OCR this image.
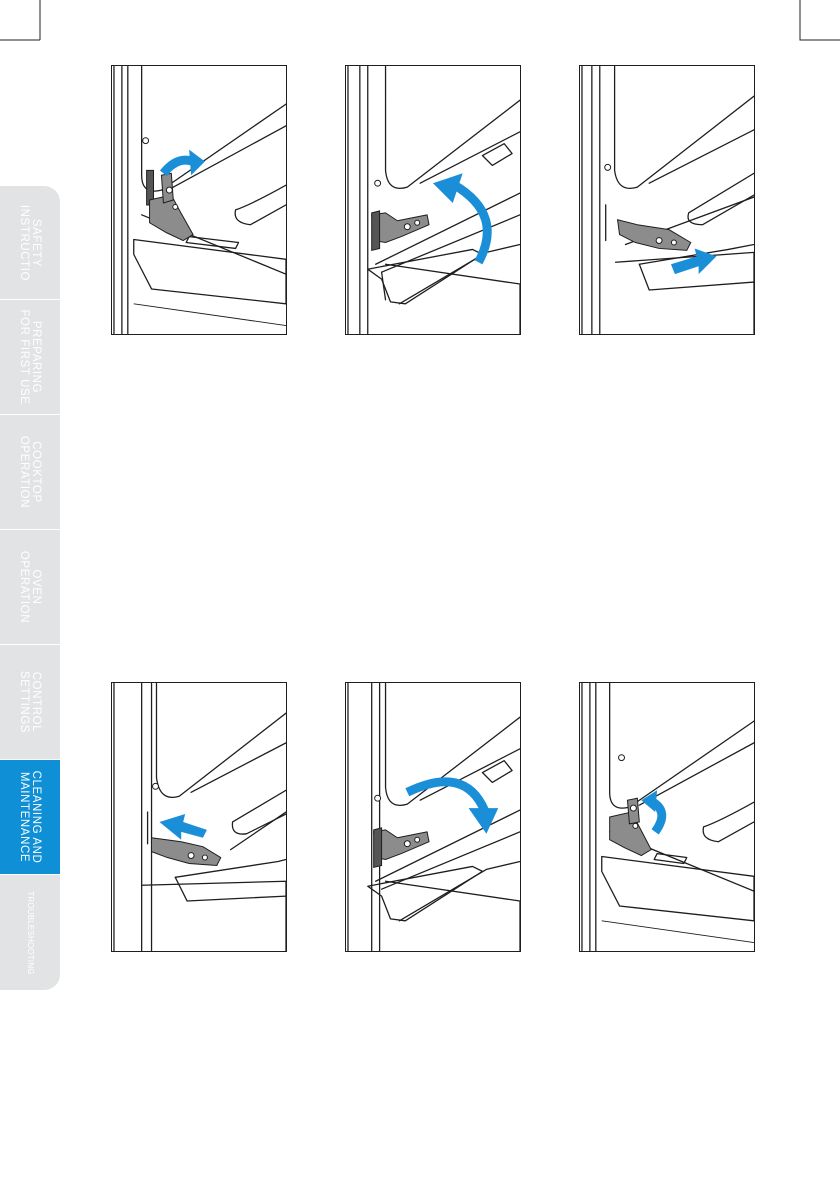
SAFETY
INSTRUCTIO
PREPARING
FOR FIRST USE
COOKTOP
OPERATION
OVEN
OPERATION
CONTROL
SETTINGS
CLEANING AND
MAINTENANCE
TROUBLESHOOTING
